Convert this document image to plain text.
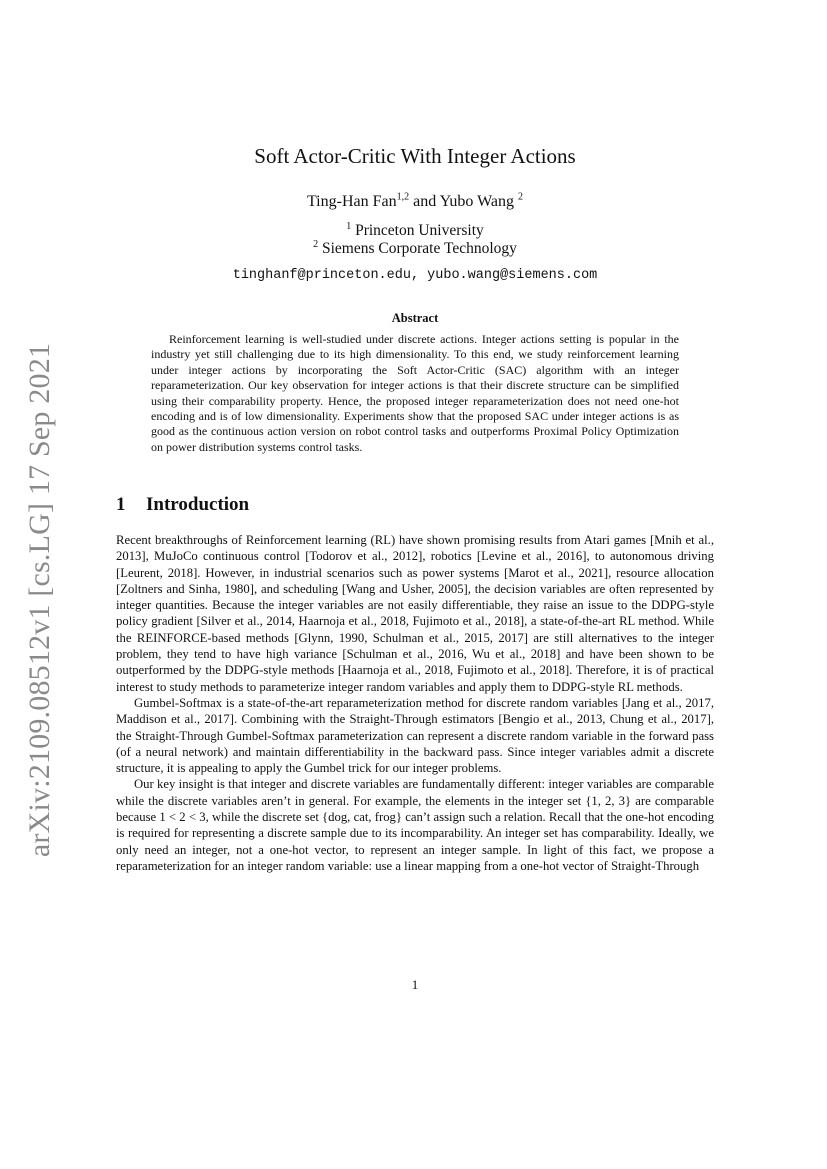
arXiv:2109.08512v1 [cs.LG] 17 Sep 2021
Soft Actor-Critic With Integer Actions
Ting-Han Fan$^{1,2}$ and Yubo Wang $^2$
$^1$ Princeton University
$^2$ Siemens Corporate Technology
tinghanf@princeton.edu, yubo.wang@siemens.com
Abstract

Reinforcement learning is well-studied under discrete actions. Integer actions setting is popular in the industry yet still challenging due to its high dimensionality. To this end, we study reinforcement learning under integer actions by incorporating the Soft Actor-Critic (SAC) algorithm with an integer reparameterization. Our key observation for integer actions is that their discrete structure can be simplified using their comparability property. Hence, the proposed integer reparameterization does not need one-hot encoding and is of low dimensionality. Experiments show that the proposed SAC under integer actions is as good as the continuous action version on robot control tasks and outperforms Proximal Policy Optimization on power distribution systems control tasks.

1 Introduction

Recent breakthroughs of Reinforcement learning (RL) have shown promising results from Atari games [Mnih et al., 2013], MuJoCo continuous control [Todorov et al., 2012], robotics [Levine et al., 2016], to autonomous driving [Leurent, 2018]. However, in industrial scenarios such as power systems [Marot et al., 2021], resource allocation [Zoltners and Sinha, 1980], and scheduling [Wang and Usher, 2005], the decision variables are often represented by integer quantities. Because the integer variables are not easily differentiable, they raise an issue to the DDPG-style policy gradient [Silver et al., 2014, Haarnoja et al., 2018, Fujimoto et al., 2018], a state-of-the-art RL method. While the REINFORCE-based methods [Glynn, 1990, Schulman et al., 2015, 2017] are still alternatives to the integer problem, they tend to have high variance [Schulman et al., 2016, Wu et al., 2018] and have been shown to be outperformed by the DDPG-style methods [Haarnoja et al., 2018, Fujimoto et al., 2018]. Therefore, it is of practical interest to study methods to parameterize integer random variables and apply them to DDPG-style RL methods.

Gumbel-Softmax is a state-of-the-art reparameterization method for discrete random variables [Jang et al., 2017, Maddison et al., 2017]. Combining with the Straight-Through estimators [Bengio et al., 2013, Chung et al., 2017], the Straight-Through Gumbel-Softmax parameterization can represent a discrete random variable in the forward pass (of a neural network) and maintain differentiability in the backward pass. Since integer variables admit a discrete structure, it is appealing to apply the Gumbel trick for our integer problems.

Our key insight is that integer and discrete variables are fundamentally different: integer variables are comparable while the discrete variables aren’t in general. For example, the elements in the integer set {1, 2, 3} are comparable because 1 < 2 < 3, while the discrete set {dog, cat, frog} can’t assign such a relation. Recall that the one-hot encoding is required for representing a discrete sample due to its incomparability. An integer set has comparability. Ideally, we only need an integer, not a one-hot vector, to represent an integer sample. In light of this fact, we propose a reparameterization for an integer random variable: use a linear mapping from a one-hot vector of Straight-Through

1
